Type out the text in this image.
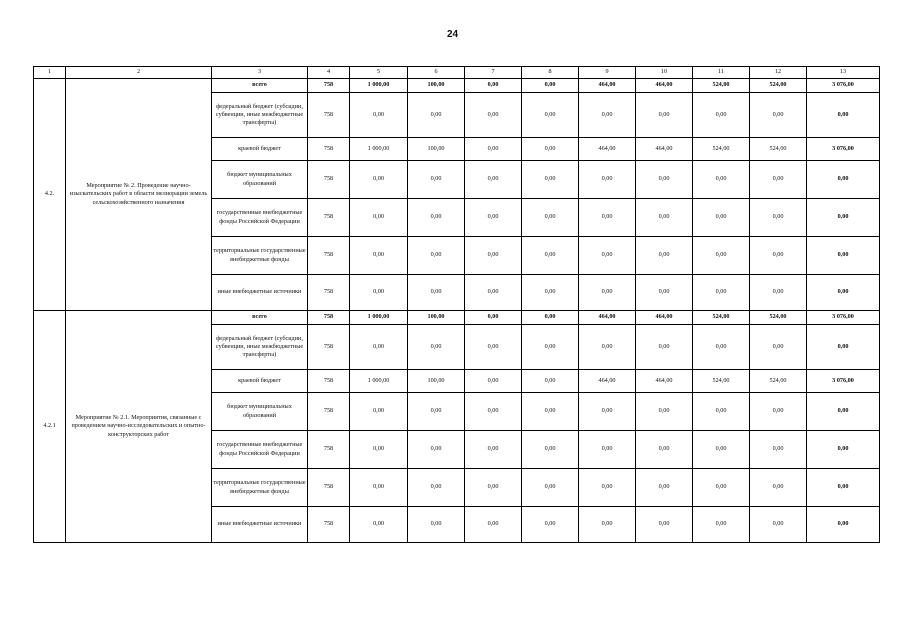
24
1	2	3	4	5	6	7	8	9	10	11	12	13
4.2.	Мероприятие № 2. Проведение научно-изыскательских работ в области мелиорации земель сельскохозяйственного назначения	всего	758	1 000,00	100,00	0,00	0,00	464,00	464,00	524,00	524,00	3 076,00
		федеральный бюджет (субсидии, субвенции, иные межбюджетные трансферты)	758	0,00	0,00	0,00	0,00	0,00	0,00	0,00	0,00	0,00
		краевой бюджет	758	1 000,00	100,00	0,00	0,00	464,00	464,00	524,00	524,00	3 076,00
		бюджет муниципальных образований	758	0,00	0,00	0,00	0,00	0,00	0,00	0,00	0,00	0,00
		государственные внебюджетные фонды Российской Федерации	758	0,00	0,00	0,00	0,00	0,00	0,00	0,00	0,00	0,00
		территориальные государственные внебюджетные фонды	758	0,00	0,00	0,00	0,00	0,00	0,00	0,00	0,00	0,00
		иные внебюджетные источники	758	0,00	0,00	0,00	0,00	0,00	0,00	0,00	0,00	0,00
4.2.1	Мероприятие № 2.1. Мероприятия, связанные с проведением научно-исследовательских и опытно-конструкторских работ	всего	758	1 000,00	100,00	0,00	0,00	464,00	464,00	524,00	524,00	3 076,00
		федеральный бюджет (субсидии, субвенции, иные межбюджетные трансферты)	758	0,00	0,00	0,00	0,00	0,00	0,00	0,00	0,00	0,00
		краевой бюджет	758	1 000,00	100,00	0,00	0,00	464,00	464,00	524,00	524,00	3 076,00
		бюджет муниципальных образований	758	0,00	0,00	0,00	0,00	0,00	0,00	0,00	0,00	0,00
		государственные внебюджетные фонды Российской Федерации	758	0,00	0,00	0,00	0,00	0,00	0,00	0,00	0,00	0,00
		территориальные государственные внебюджетные фонды	758	0,00	0,00	0,00	0,00	0,00	0,00	0,00	0,00	0,00
		иные внебюджетные источники	758	0,00	0,00	0,00	0,00	0,00	0,00	0,00	0,00	0,00
